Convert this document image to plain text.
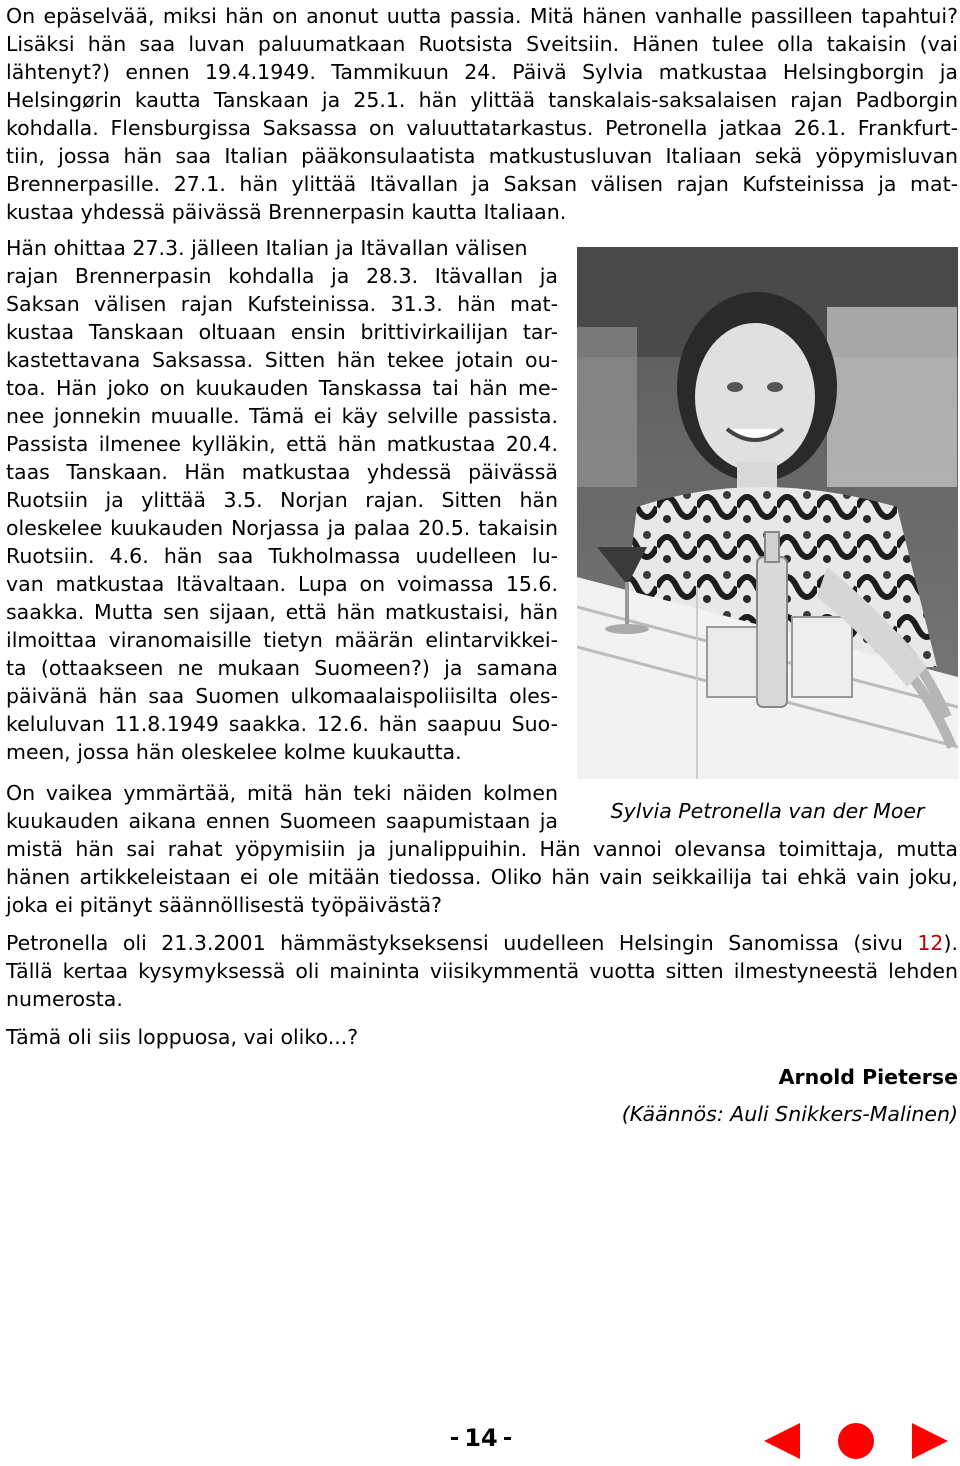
On epäselvää, miksi hän on anonut uutta passia. Mitä hänen vanhalle passilleen tapahtui?
Lisäksi hän saa luvan paluumatkaan Ruotsista Sveitsiin. Hänen tulee olla takaisin (vai
lähtenyt?) ennen 19.4.1949. Tammikuun 24. Päivä Sylvia matkustaa Helsingborgin ja
Helsingørin kautta Tanskaan ja 25.1. hän ylittää tanskalais-saksalaisen rajan Padborgin
kohdalla. Flensburgissa Saksassa on valuuttatarkastus. Petronella jatkaa 26.1. Frankfurt-
tiin, jossa hän saa Italian pääkonsulaatista matkustusluvan Italiaan sekä yöpymisluvan
Brennerpasille. 27.1. hän ylittää Itävallan ja Saksan välisen rajan Kufsteinissa ja mat-
kustaa yhdessä päivässä Brennerpasin kautta Italiaan.
Hän ohittaa 27.3. jälleen Italian ja Itävallan välisen
rajan Brennerpasin kohdalla ja 28.3. Itävallan ja
Saksan välisen rajan Kufsteinissa. 31.3. hän mat-
kustaa Tanskaan oltuaan ensin brittivirkailijan tar-
kastettavana Saksassa. Sitten hän tekee jotain ou-
toa. Hän joko on kuukauden Tanskassa tai hän me-
nee jonnekin muualle. Tämä ei käy selville passista.
Passista ilmenee kylläkin, että hän matkustaa 20.4.
taas Tanskaan. Hän matkustaa yhdessä päivässä
Ruotsiin ja ylittää 3.5. Norjan rajan. Sitten hän
oleskelee kuukauden Norjassa ja palaa 20.5. takaisin
Ruotsiin. 4.6. hän saa Tukholmassa uudelleen lu-
van matkustaa Itävaltaan. Lupa on voimassa 15.6.
saakka. Mutta sen sijaan, että hän matkustaisi, hän
ilmoittaa viranomaisille tietyn määrän elintarvikkei-
ta (ottaakseen ne mukaan Suomeen?) ja samana
päivänä hän saa Suomen ulkomaalaispoliisilta oles-
keluluvan 11.8.1949 saakka. 12.6. hän saapuu Suo-
meen, jossa hän oleskelee kolme kuukautta.
Sylvia Petronella van der Moer
On vaikea ymmärtää, mitä hän teki näiden kolmen
kuukauden aikana ennen Suomeen saapumistaan ja
mistä hän sai rahat yöpymisiin ja junalippuihin. Hän vannoi olevansa toimittaja, mutta
hänen artikkeleistaan ei ole mitään tiedossa. Oliko hän vain seikkailija tai ehkä vain joku,
joka ei pitänyt säännöllisestä työpäivästä?
Petronella oli 21.3.2001 hämmästykseksensi uudelleen Helsingin Sanomissa (sivu 12).
Tällä kertaa kysymyksessä oli maininta viisikymmentä vuotta sitten ilmestyneestä lehden
numerosta.
Tämä oli siis loppuosa, vai oliko...?
Arnold Pieterse
(Käännös: Auli Snikkers-Malinen)
14
